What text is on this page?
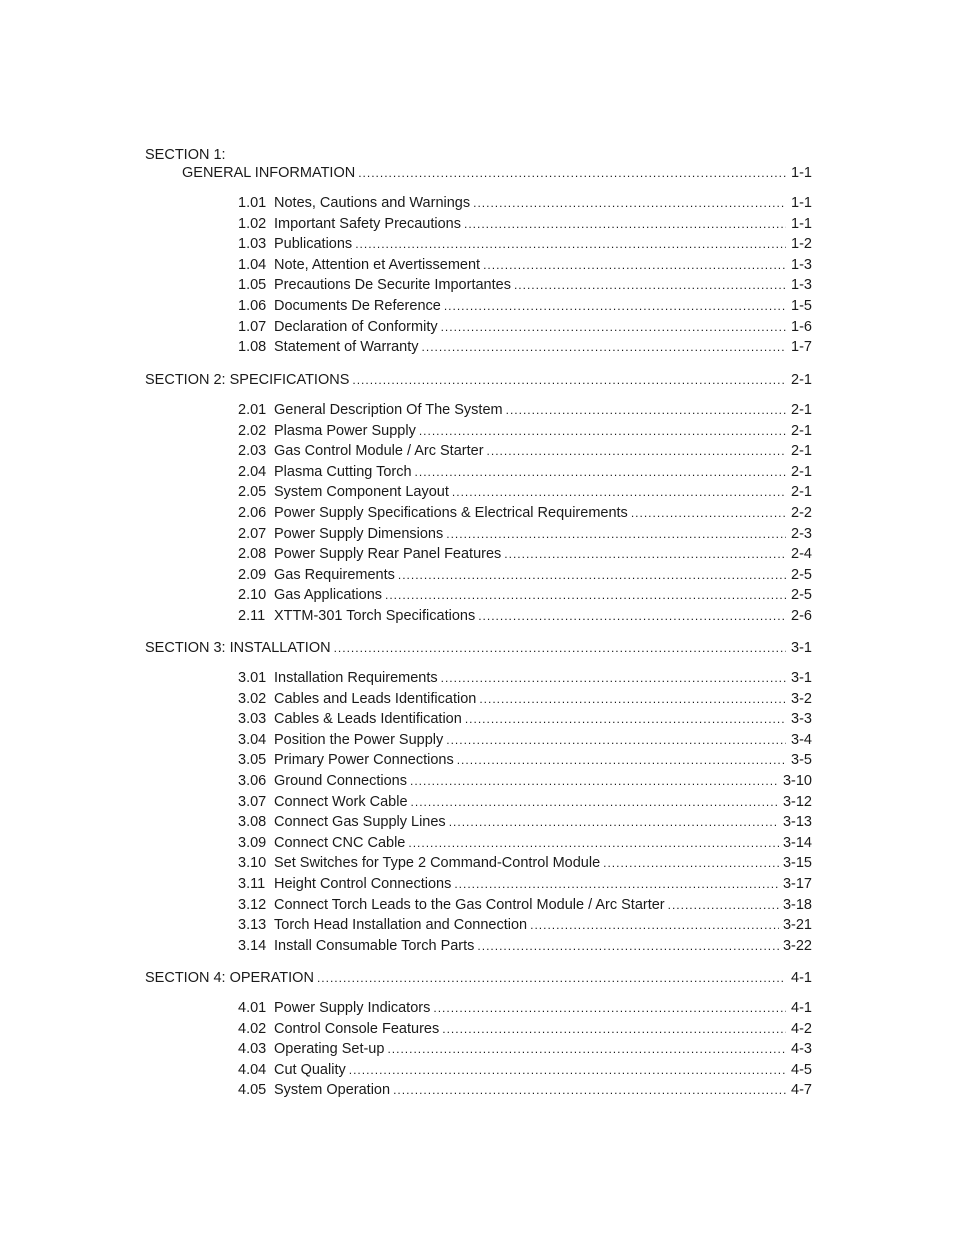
SECTION 1:
GENERAL INFORMATION .....	1-1
1.01 Notes, Cautions and Warnings .....	1-1
1.02 Important Safety Precautions .....	1-1
1.03 Publications .....	1-2
1.04 Note, Attention et Avertissement .....	1-3
1.05 Precautions De Securite Importantes .....	1-3
1.06 Documents De Reference .....	1-5
1.07 Declaration of Conformity .....	1-6
1.08 Statement of Warranty .....	1-7
SECTION 2: SPECIFICATIONS .....	2-1
2.01 General Description Of The System .....	2-1
2.02 Plasma Power Supply .....	2-1
2.03 Gas Control Module / Arc Starter .....	2-1
2.04 Plasma Cutting Torch .....	2-1
2.05 System Component Layout .....	2-1
2.06 Power Supply Specifications & Electrical Requirements .....	2-2
2.07 Power Supply Dimensions .....	2-3
2.08 Power Supply Rear Panel Features .....	2-4
2.09 Gas Requirements .....	2-5
2.10 Gas Applications .....	2-5
2.11 XTTM-301 Torch Specifications .....	2-6
SECTION 3: INSTALLATION .....	3-1
3.01 Installation Requirements .....	3-1
3.02 Cables and Leads Identification .....	3-2
3.03 Cables & Leads Identification .....	3-3
3.04 Position the Power Supply .....	3-4
3.05 Primary Power Connections .....	3-5
3.06 Ground Connections .....	3-10
3.07 Connect Work Cable .....	3-12
3.08 Connect Gas Supply Lines .....	3-13
3.09 Connect CNC Cable .....	3-14
3.10 Set Switches for Type 2 Command-Control Module .....	3-15
3.11 Height Control Connections .....	3-17
3.12 Connect Torch Leads to the Gas Control Module / Arc Starter .....	3-18
3.13 Torch Head Installation and Connection .....	3-21
3.14 Install Consumable Torch Parts .....	3-22
SECTION 4: OPERATION .....	4-1
4.01 Power Supply Indicators .....	4-1
4.02 Control Console Features .....	4-2
4.03 Operating Set-up .....	4-3
4.04 Cut Quality .....	4-5
4.05 System Operation .....	4-7
